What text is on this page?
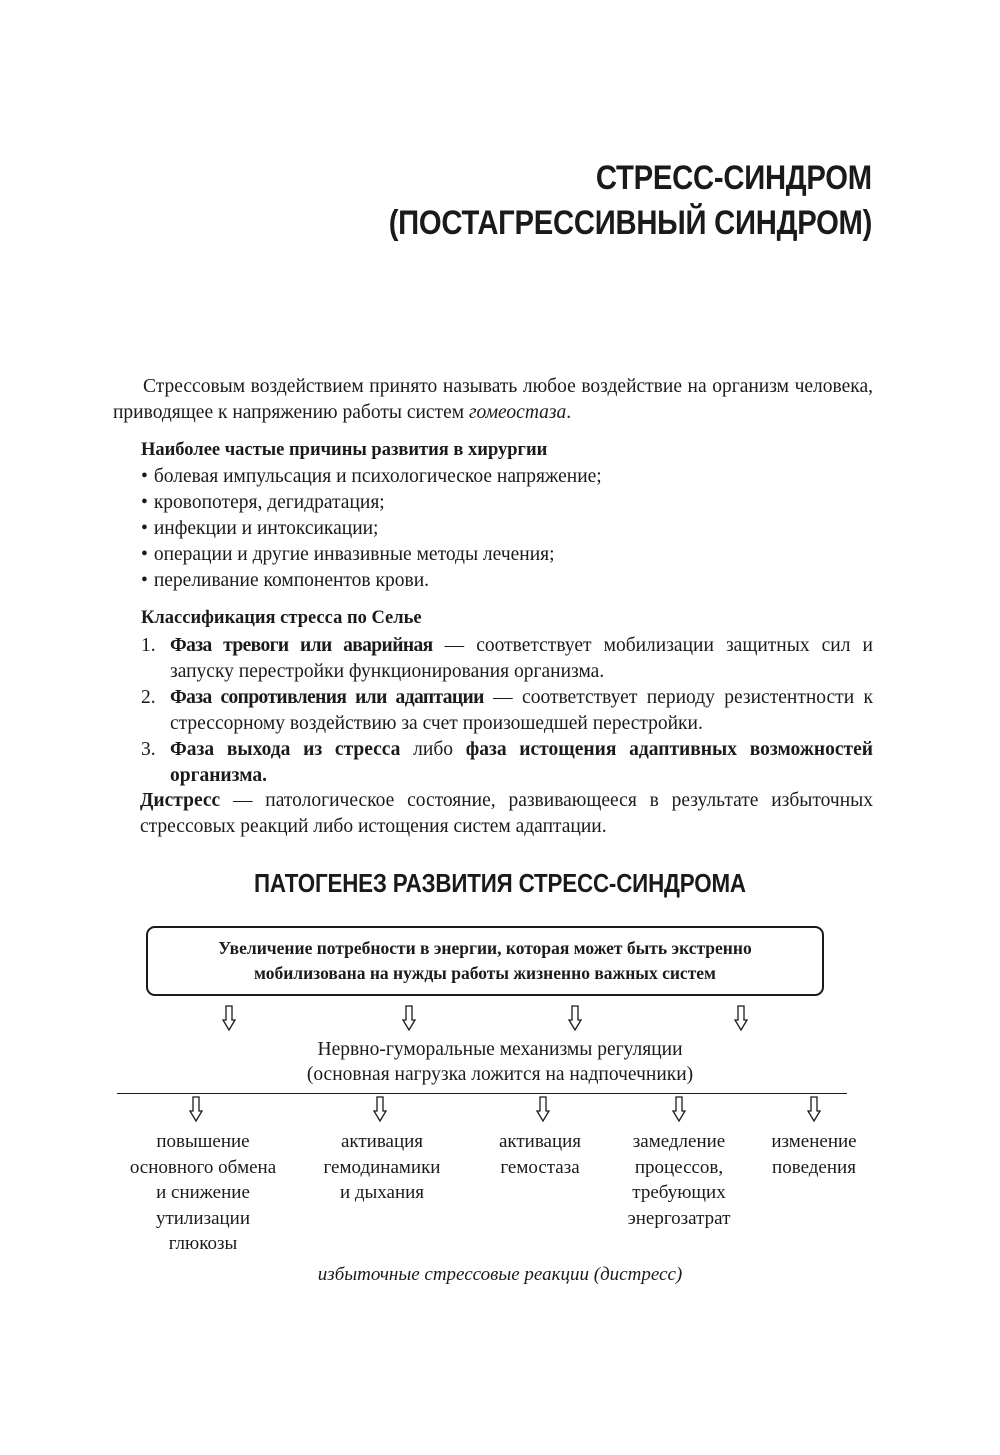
СТРЕСС-СИНДРОМ
(ПОСТАГРЕССИВНЫЙ СИНДРОМ)
Стрессовым воздействием принято называть любое воздействие на организм человека, приводящее к напряжению работы систем гомеостаза.
Наиболее частые причины развития в хирургии
• болевая импульсация и психологическое напряжение;
• кровопотеря, дегидратация;
• инфекции и интоксикации;
• операции и другие инвазивные методы лечения;
• переливание компонентов крови.
Классификация стресса по Селье
1. Фаза тревоги или аварийная — соответствует мобилизации защитных сил и запуску перестройки функционирования организма.
2. Фаза сопротивления или адаптации — соответствует периоду резистентности к стрессорному воздействию за счет произошедшей перестройки.
3. Фаза выхода из стресса либо фаза истощения адаптивных возможностей организма.
Дистресс — патологическое состояние, развивающееся в результате избыточных стрессовых реакций либо истощения систем адаптации.
ПАТОГЕНЕЗ РАЗВИТИЯ СТРЕСС-СИНДРОМА
Увеличение потребности в энергии, которая может быть экстренно
мобилизована на нужды работы жизненно важных систем
Нервно-гуморальные механизмы регуляции
(основная нагрузка ложится на надпочечники)
повышение
основного обмена
и снижение
утилизации
глюкозы
активация
гемодинамики
и дыхания
активация
гемостаза
замедление
процессов,
требующих
энергозатрат
изменение
поведения
избыточные стрессовые реакции (дистресс)
